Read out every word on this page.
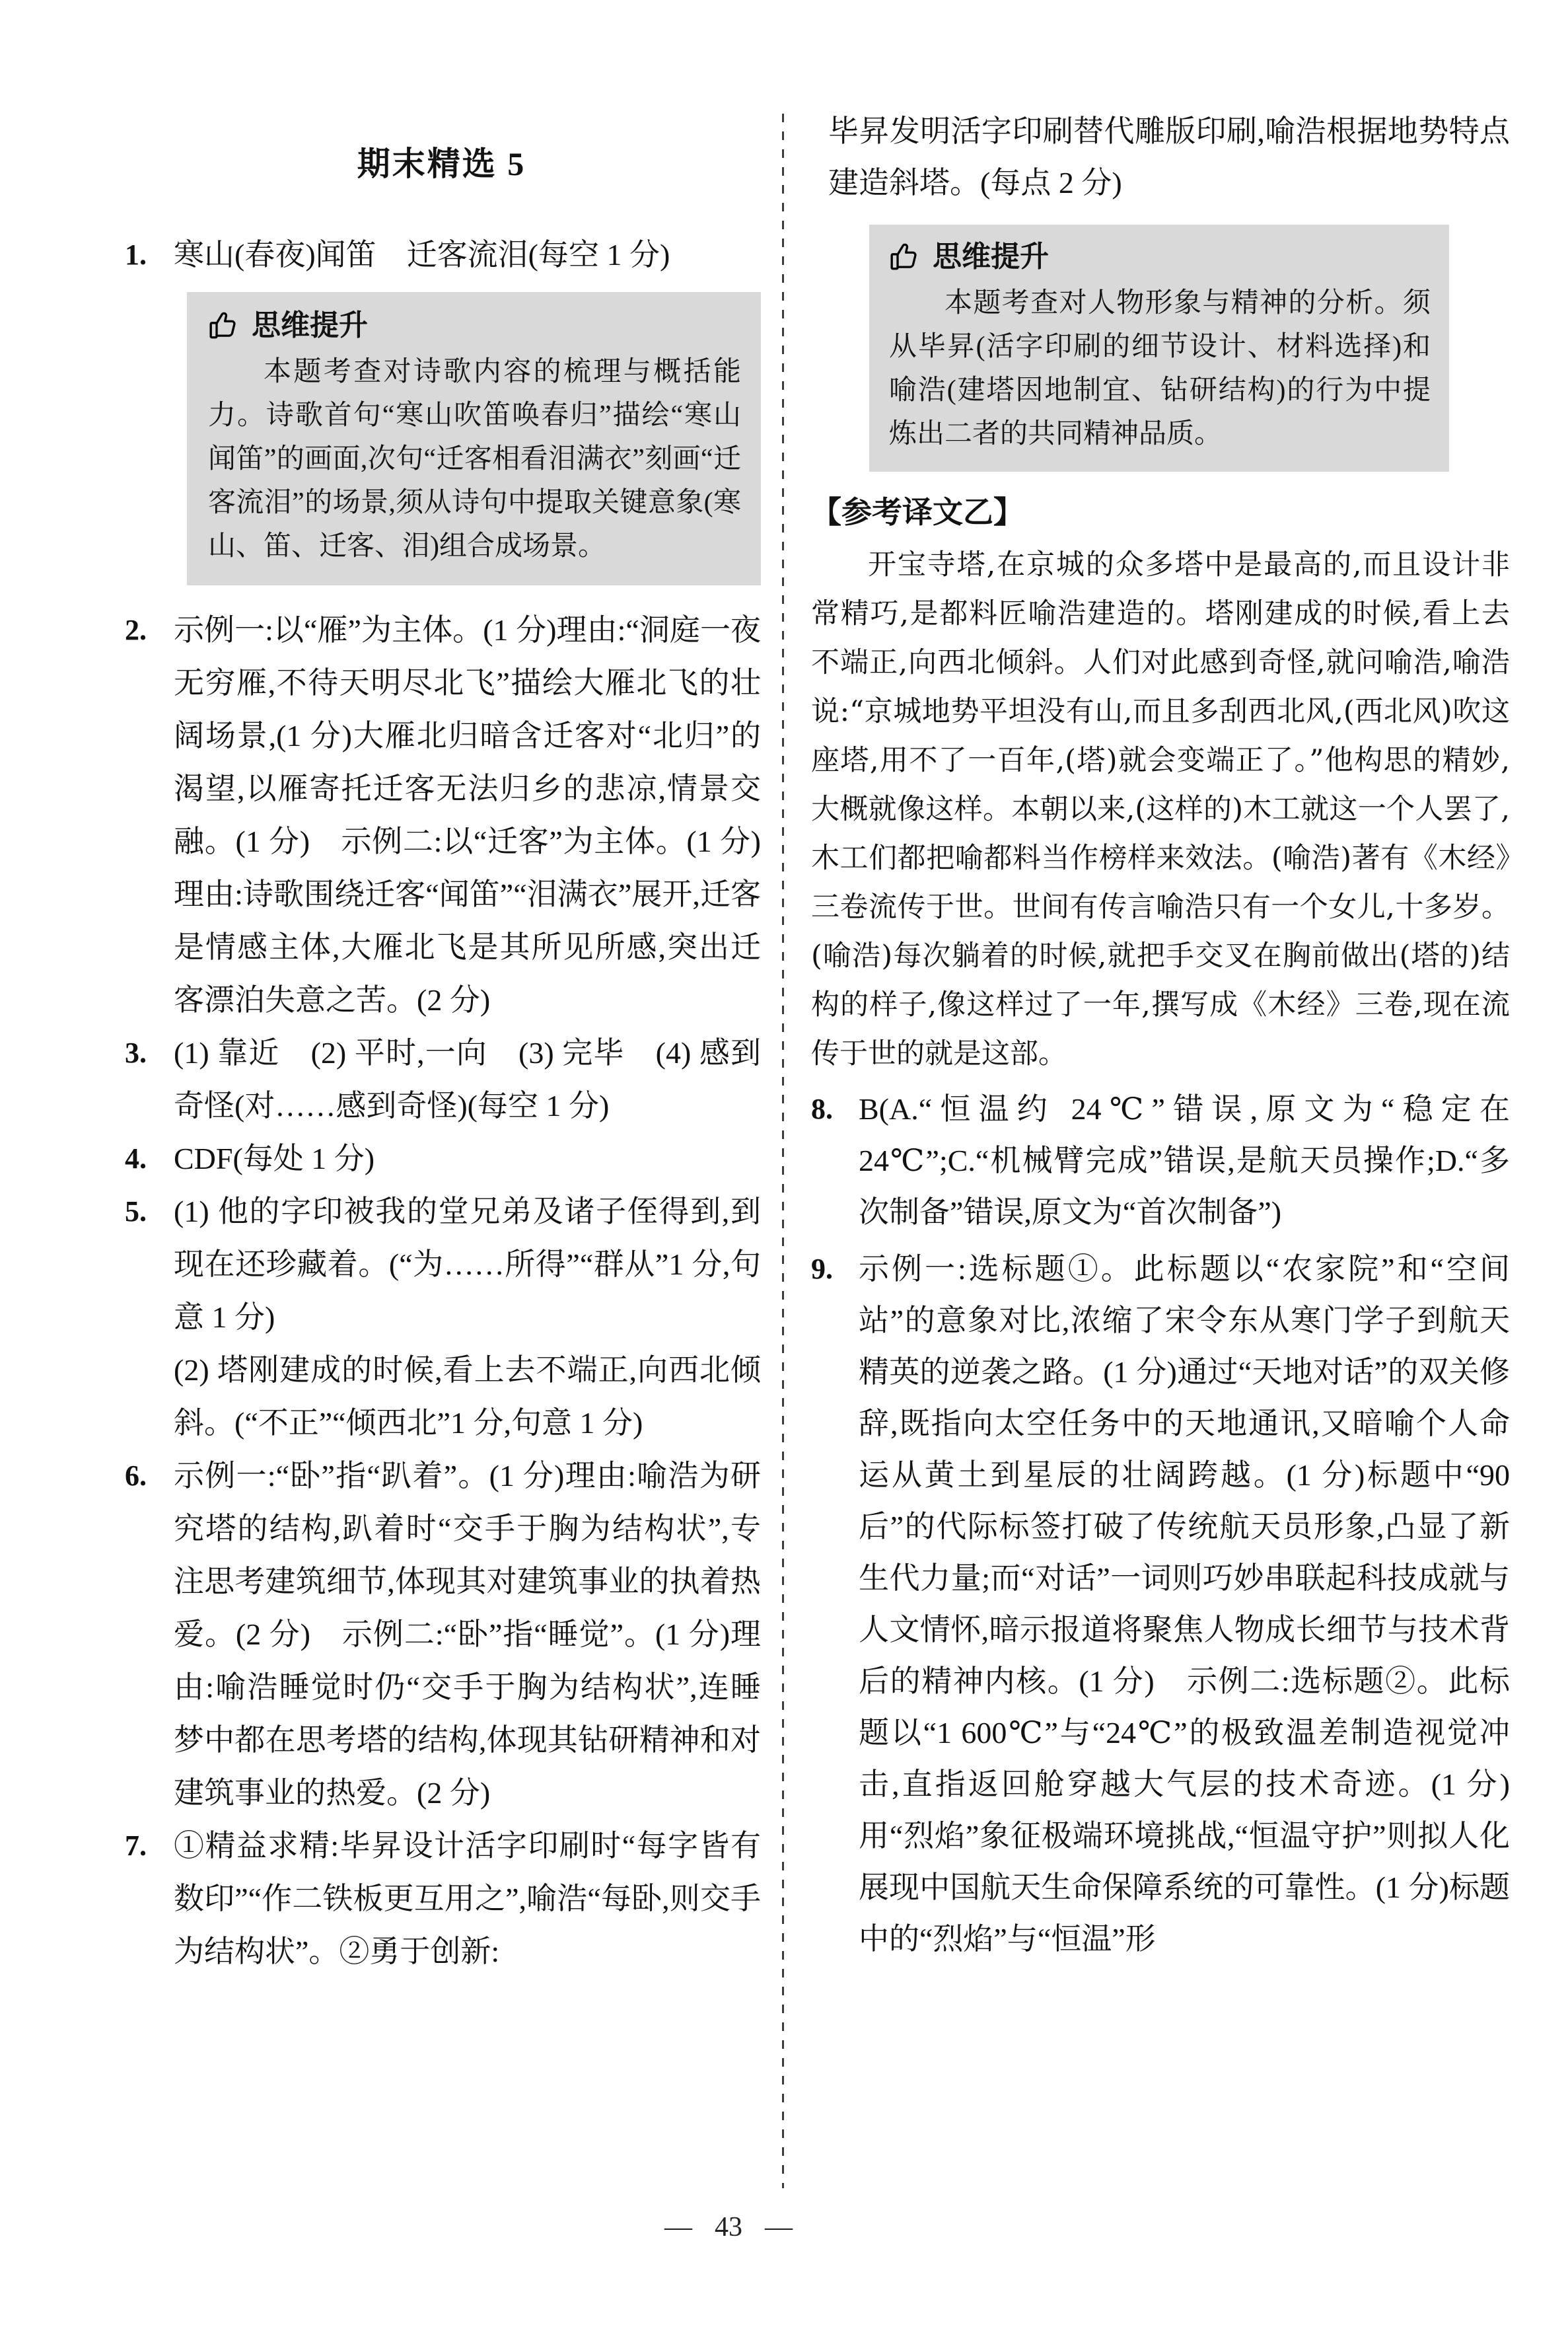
期末精选 5
1. 寒山(春夜)闻笛　迁客流泪(每空 1 分)

思维提升

本题考查对诗歌内容的梳理与概括能力。诗歌首句“寒山吹笛唤春归”描绘“寒山闻笛”的画面,次句“迁客相看泪满衣”刻画“迁客流泪”的场景,须从诗句中提取关键意象(寒山、笛、迁客、泪)组合成场景。

2. 示例一:以“雁”为主体。(1 分)理由:“洞庭一夜无穷雁,不待天明尽北飞”描绘大雁北飞的壮阔场景,(1 分)大雁北归暗含迁客对“北归”的渴望,以雁寄托迁客无法归乡的悲凉,情景交融。(1 分)　示例二:以“迁客”为主体。(1 分)理由:诗歌围绕迁客“闻笛”“泪满衣”展开,迁客是情感主体,大雁北飞是其所见所感,突出迁客漂泊失意之苦。(2 分)

3. (1) 靠近　(2) 平时,一向　(3) 完毕　(4) 感到奇怪(对……感到奇怪)(每空 1 分)

4. CDF(每处 1 分)

5. (1) 他的字印被我的堂兄弟及诸子侄得到,到现在还珍藏着。(“为……所得”“群从”1 分,句意 1 分)

(2) 塔刚建成的时候,看上去不端正,向西北倾斜。(“不正”“倾西北”1 分,句意 1 分)

6. 示例一:“卧”指“趴着”。(1 分)理由:喻浩为研究塔的结构,趴着时“交手于胸为结构状”,专注思考建筑细节,体现其对建筑事业的执着热爱。(2 分)　示例二:“卧”指“睡觉”。(1 分)理由:喻浩睡觉时仍“交手于胸为结构状”,连睡梦中都在思考塔的结构,体现其钻研精神和对建筑事业的热爱。(2 分)

7. ①精益求精:毕昇设计活字印刷时“每字皆有数印”“作二铁板更互用之”,喻浩“每卧,则交手为结构状”。②勇于创新:

毕昇发明活字印刷替代雕版印刷,喻浩根据地势特点建造斜塔。(每点 2 分)

思维提升

本题考查对人物形象与精神的分析。须从毕昇(活字印刷的细节设计、材料选择)和喻浩(建塔因地制宜、钻研结构)的行为中提炼出二者的共同精神品质。

【参考译文乙】

开宝寺塔,在京城的众多塔中是最高的,而且设计非常精巧,是都料匠喻浩建造的。塔刚建成的时候,看上去不端正,向西北倾斜。人们对此感到奇怪,就问喻浩,喻浩说:“京城地势平坦没有山,而且多刮西北风,(西北风)吹这座塔,用不了一百年,(塔)就会变端正了。”他构思的精妙,大概就像这样。本朝以来,(这样的)木工就这一个人罢了,木工们都把喻都料当作榜样来效法。(喻浩)著有《木经》三卷流传于世。世间有传言喻浩只有一个女儿,十多岁。(喻浩)每次躺着的时候,就把手交叉在胸前做出(塔的)结构的样子,像这样过了一年,撰写成《木经》三卷,现在流传于世的就是这部。

8. B(A.“恒温约 24℃”错误,原文为“稳定在 24℃”;C.“机械臂完成”错误,是航天员操作;D.“多次制备”错误,原文为“首次制备”)

9. 示例一:选标题①。此标题以“农家院”和“空间站”的意象对比,浓缩了宋令东从寒门学子到航天精英的逆袭之路。(1 分)通过“天地对话”的双关修辞,既指向太空任务中的天地通讯,又暗喻个人命运从黄土到星辰的壮阔跨越。(1 分)标题中“90 后”的代际标签打破了传统航天员形象,凸显了新生代力量;而“对话”一词则巧妙串联起科技成就与人文情怀,暗示报道将聚焦人物成长细节与技术背后的精神内核。(1 分)　示例二:选标题②。此标题以“1 600℃”与“24℃”的极致温差制造视觉冲击,直指返回舱穿越大气层的技术奇迹。(1 分)用“烈焰”象征极端环境挑战,“恒温守护”则拟人化展现中国航天生命保障系统的可靠性。(1 分)标题中的“烈焰”与“恒温”形

— 43 —
